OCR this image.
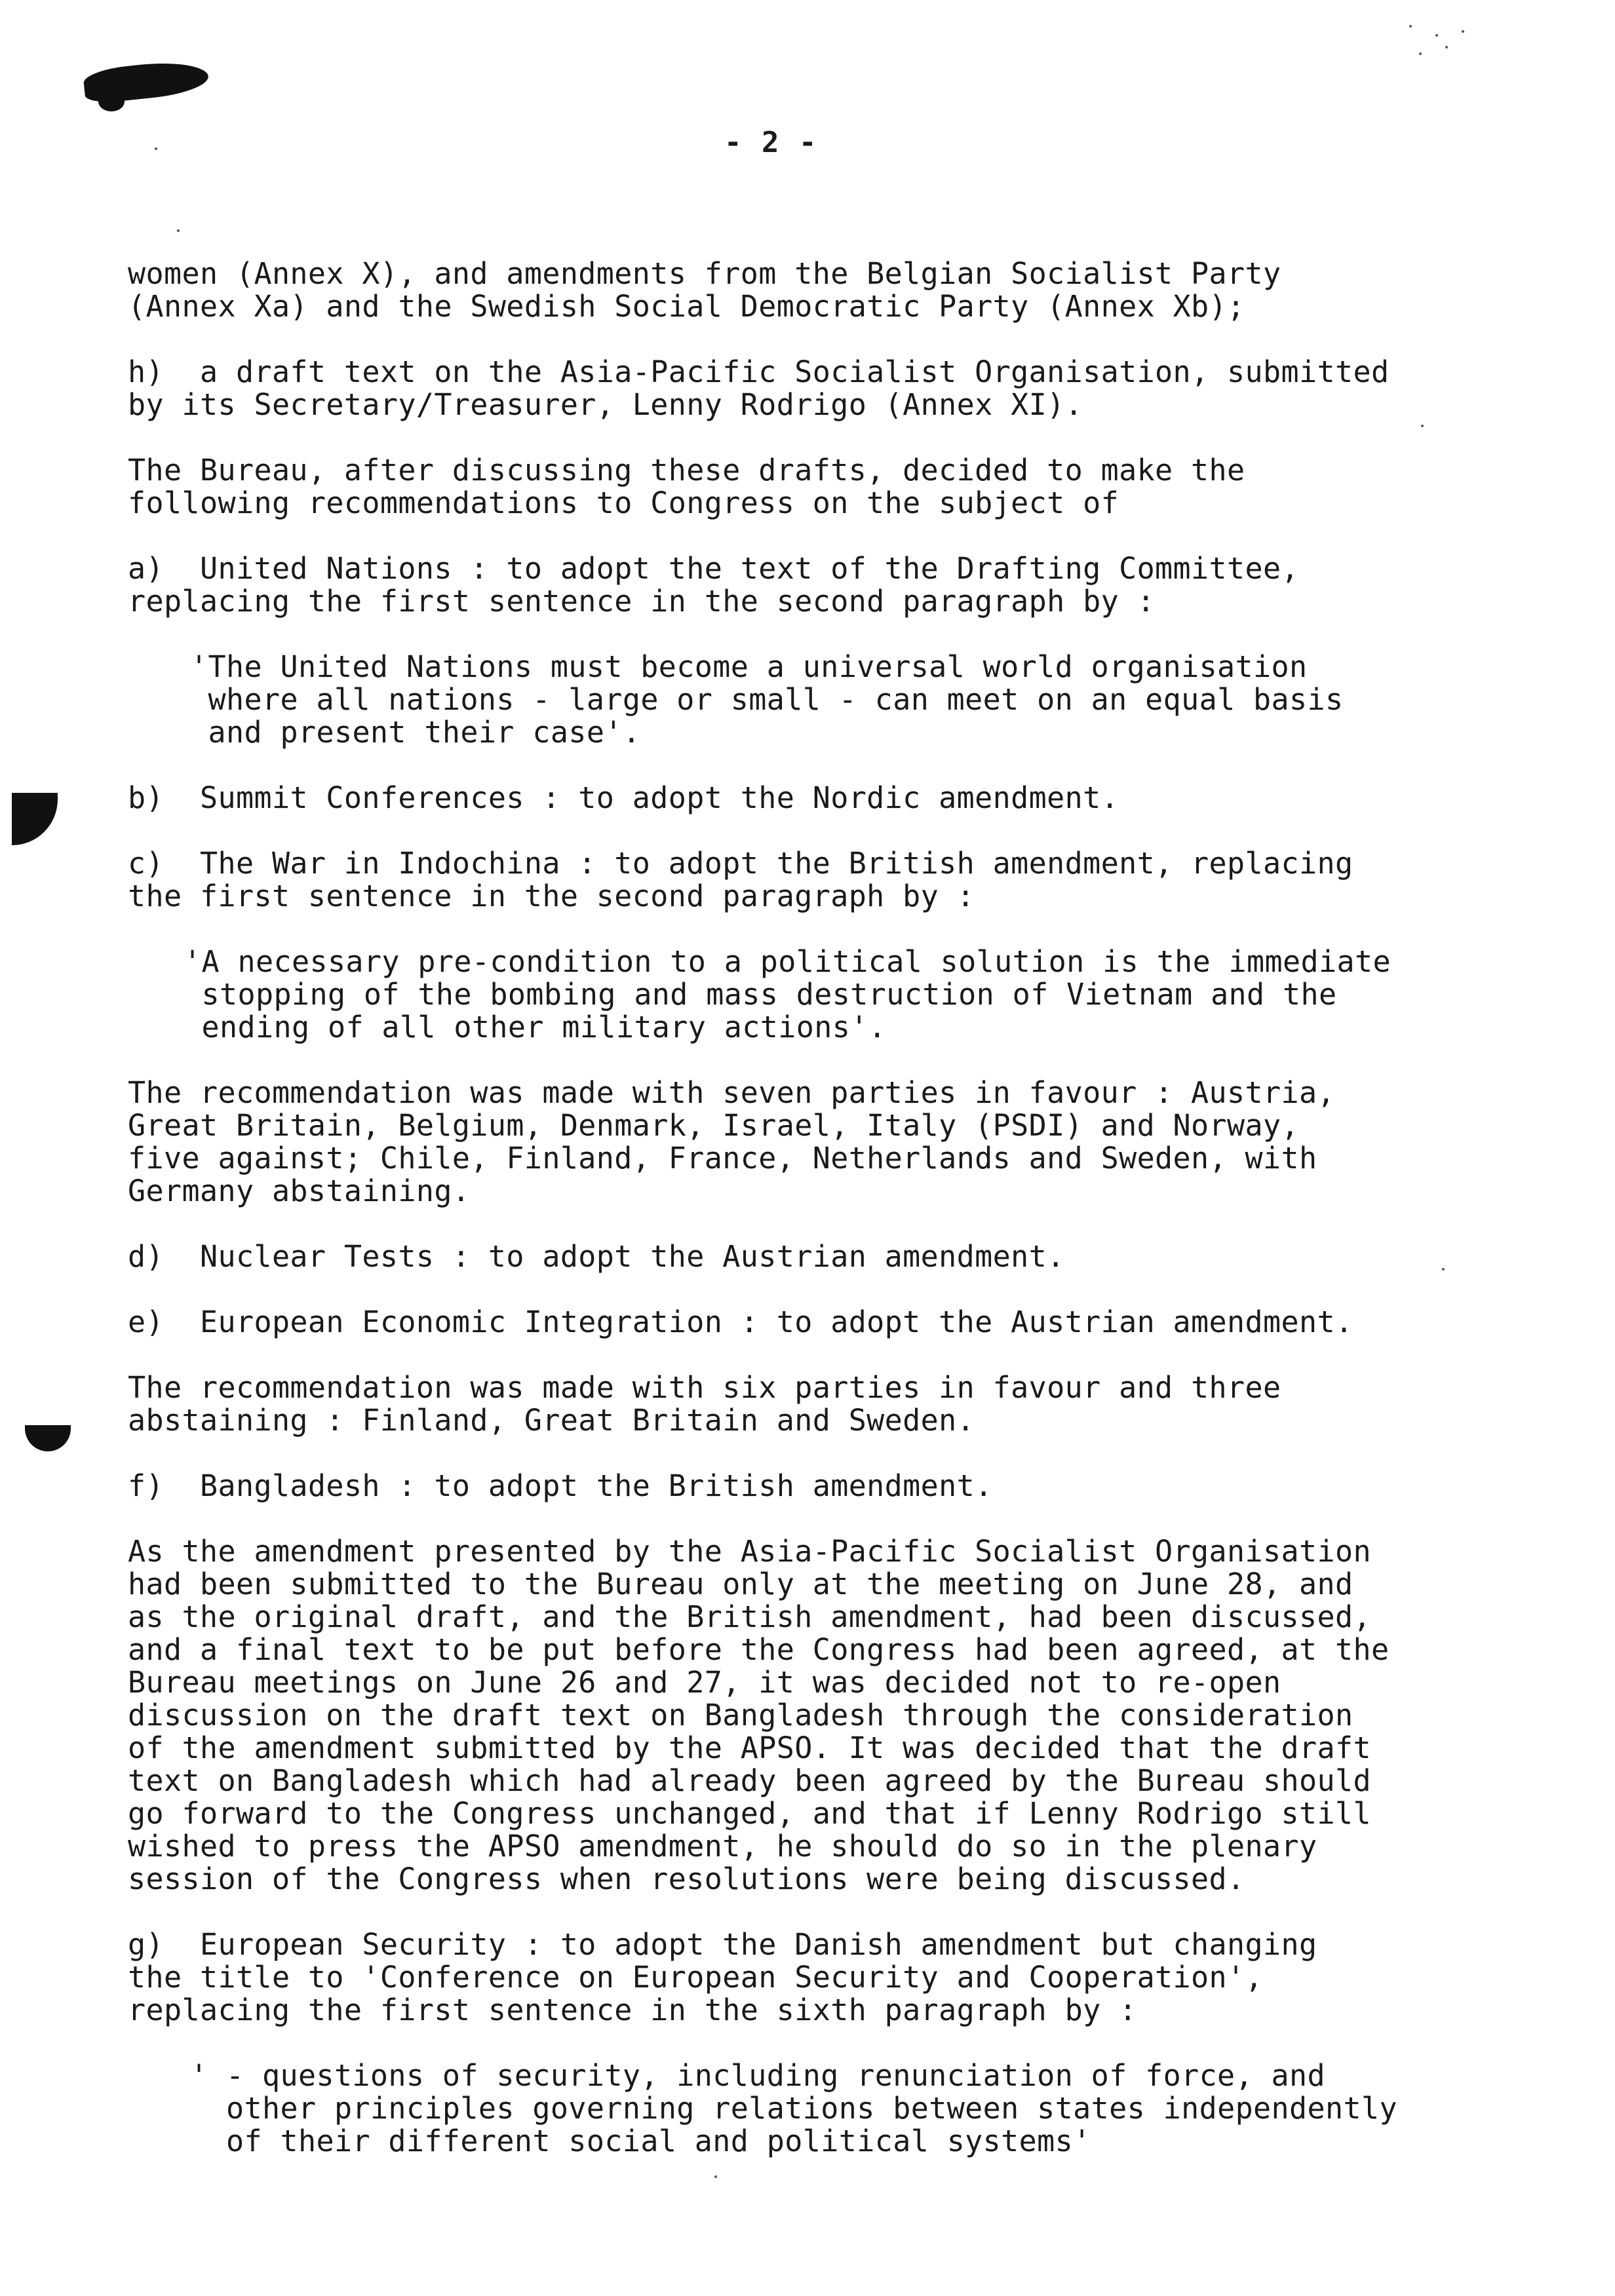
- 2 -
women (Annex X), and amendments from the Belgian Socialist Party
(Annex Xa) and the Swedish Social Democratic Party (Annex Xb);
h)  a draft text on the Asia-Pacific Socialist Organisation, submitted
by its Secretary/Treasurer, Lenny Rodrigo (Annex XI).
The Bureau, after discussing these drafts, decided to make the
following recommendations to Congress on the subject of
a)  United Nations : to adopt the text of the Drafting Committee,
replacing the first sentence in the second paragraph by :
'The United Nations must become a universal world organisation
where all nations - large or small - can meet on an equal basis
and present their case'.
b)  Summit Conferences : to adopt the Nordic amendment.
c)  The War in Indochina : to adopt the British amendment, replacing
the first sentence in the second paragraph by :
'A necessary pre-condition to a political solution is the immediate
stopping of the bombing and mass destruction of Vietnam and the
ending of all other military actions'.
The recommendation was made with seven parties in favour : Austria,
Great Britain, Belgium, Denmark, Israel, Italy (PSDI) and Norway,
five against; Chile, Finland, France, Netherlands and Sweden, with
Germany abstaining.
d)  Nuclear Tests : to adopt the Austrian amendment.
e)  European Economic Integration : to adopt the Austrian amendment.
The recommendation was made with six parties in favour and three
abstaining : Finland, Great Britain and Sweden.
f)  Bangladesh : to adopt the British amendment.
As the amendment presented by the Asia-Pacific Socialist Organisation
had been submitted to the Bureau only at the meeting on June 28, and
as the original draft, and the British amendment, had been discussed,
and a final text to be put before the Congress had been agreed, at the
Bureau meetings on June 26 and 27, it was decided not to re-open
discussion on the draft text on Bangladesh through the consideration
of the amendment submitted by the APSO. It was decided that the draft
text on Bangladesh which had already been agreed by the Bureau should
go forward to the Congress unchanged, and that if Lenny Rodrigo still
wished to press the APSO amendment, he should do so in the plenary
session of the Congress when resolutions were being discussed.
g)  European Security : to adopt the Danish amendment but changing
the title to 'Conference on European Security and Cooperation',
replacing the first sentence in the sixth paragraph by :
' - questions of security, including renunciation of force, and
other principles governing relations between states independently
of their different social and political systems'
